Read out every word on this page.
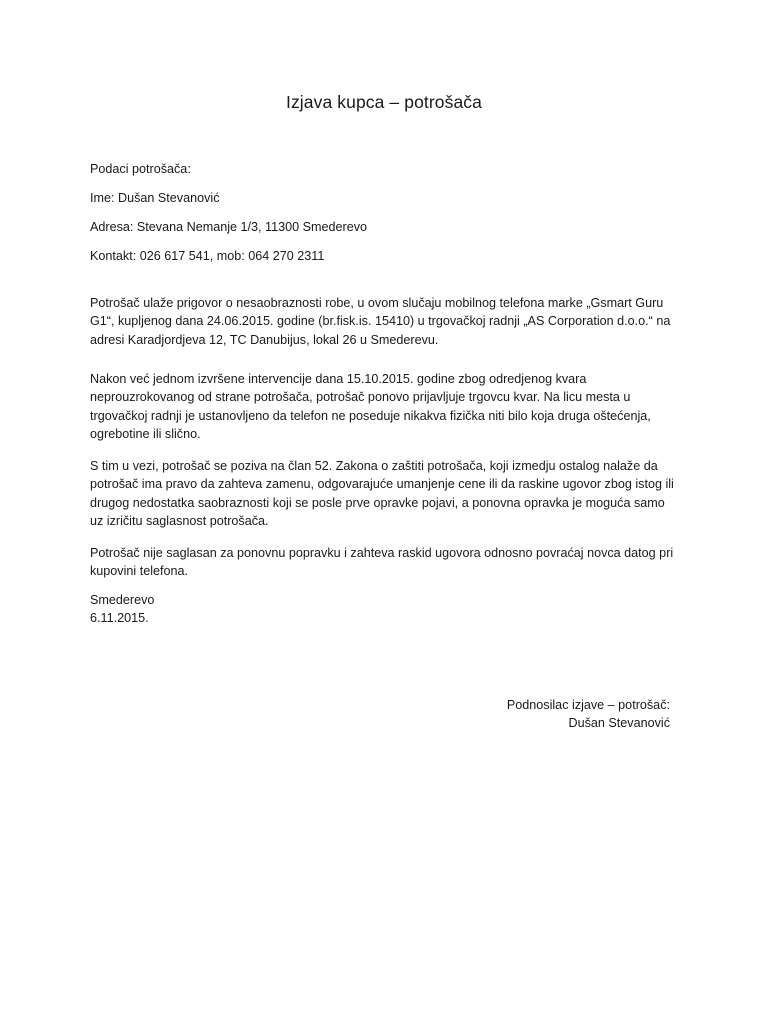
Izjava kupca – potrošača
Podaci potrošača:
Ime: Dušan Stevanović
Adresa: Stevana Nemanje 1/3, 11300 Smederevo
Kontakt: 026 617 541, mob: 064 270 2311
Potrošač ulaže prigovor o nesaobraznosti robe, u ovom slučaju mobilnog telefona marke „Gsmart Guru
G1“, kupljenog dana 24.06.2015. godine (br.fisk.is. 15410) u trgovačkoj radnji „AS Corporation d.o.o.“ na
adresi Karadjordjeva 12, TC Danubijus, lokal 26 u Smederevu.
Nakon već jednom izvršene intervencije dana 15.10.2015. godine zbog odredjenog kvara
neprouzrokovanog od strane potrošača, potrošač ponovo prijavljuje trgovcu kvar. Na licu mesta u
trgovačkoj radnji je ustanovljeno da telefon ne poseduje nikakva fizička niti bilo koja druga oštećenja,
ogrebotine ili slično.
S tim u vezi, potrošač se poziva na član 52. Zakona o zaštiti potrošača, koji izmedju ostalog nalaže da
potrošač ima pravo da zahteva zamenu, odgovarajuće umanjenje cene ili da raskine ugovor zbog istog ili
drugog nedostatka saobraznosti koji se posle prve opravke pojavi, a ponovna opravka je moguća samo
uz izričitu saglasnost potrošača.
Potrošač nije saglasan za ponovnu popravku i zahteva raskid ugovora odnosno povraćaj novca datog pri
kupovini telefona.
Smederevo
6.11.2015.
Podnosilac izjave – potrošač:
Dušan Stevanović
